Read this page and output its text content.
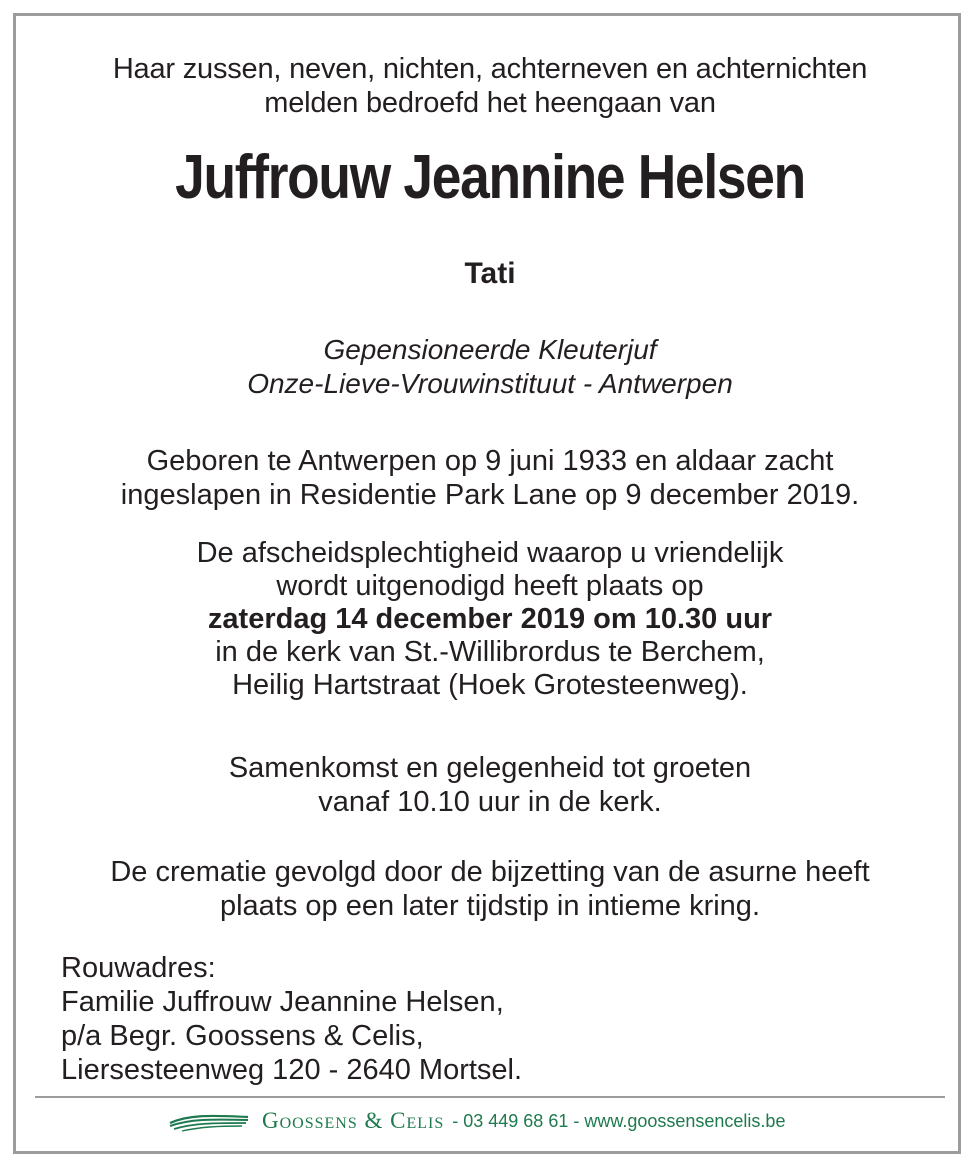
Haar zussen, neven, nichten, achterneven en achternichten
melden bedroefd het heengaan van
Juffrouw Jeannine Helsen
Tati
Gepensioneerde Kleuterjuf
Onze-Lieve-Vrouwinstituut - Antwerpen
Geboren te Antwerpen op 9 juni 1933 en aldaar zacht
ingeslapen in Residentie Park Lane op 9 december 2019.
De afscheidsplechtigheid waarop u vriendelijk
wordt uitgenodigd heeft plaats op
zaterdag 14 december 2019 om 10.30 uur
in de kerk van St.-Willibrordus te Berchem,
Heilig Hartstraat (Hoek Grotesteenweg).
Samenkomst en gelegenheid tot groeten
vanaf 10.10 uur in de kerk.
De crematie gevolgd door de bijzetting van de asurne heeft
plaats op een later tijdstip in intieme kring.
Rouwadres:
Familie Juffrouw Jeannine Helsen,
p/a Begr. Goossens & Celis,
Liersesteenweg 120 - 2640 Mortsel.
Goossens & Celis - 03 449 68 61 - www.goossensencelis.be
